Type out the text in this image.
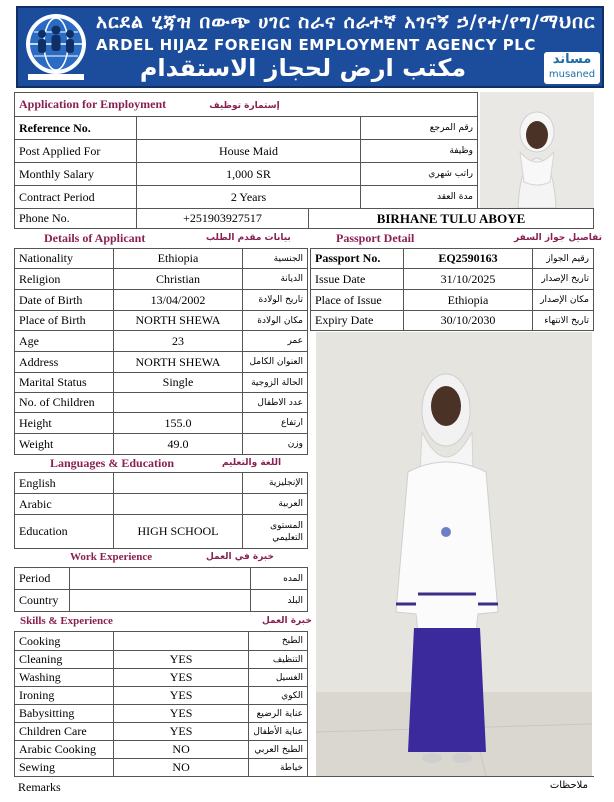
አርደል ሂጃዝ በውጭ ሀገር ስራና ሰራተኛ አገናኝ ኃ/የተ/የግ/ማህበር
ARDEL HIJAZ FOREIGN EMPLOYMENT AGENCY PLC
مكتب ارض لحجاز الاستقدام	مساند
musaned
Application for Employment إستمارة توظيف		
Reference No.		رقم المرجع
Post Applied For	House Maid	وظيفة
Monthly Salary	1,000 SR	راتب شهري
Contract Period	2 Years	مدة العقد
Phone No.	+251903927517	BIRHANE TULU ABOYE
Details of Applicant	بيانات مقدم الطلب
Nationality	Ethiopia	الجنسية
Religion	Christian	الديانة
Date of Birth	13/04/2002	تاريخ الولادة
Place of Birth	NORTH SHEWA	مكان الولادة
Age	23	عمر
Address	NORTH SHEWA	العنوان الكامل
Marital Status	Single	الحالة الزوجية
No. of Children		عدد الاطفال
Height	155.0	ارتفاع
Weight	49.0	وزن
Passport Detail	تفاصيل جواز السفر
Passport No.	EQ2590163	رقيم الجواز
Issue Date	31/10/2025	تاريخ الإصدار
Place of Issue	Ethiopia	مكان الإصدار
Expiry Date	30/10/2030	تاريخ الانتهاء
Languages & Education	اللغة والتعليم
English		الإنجليزية
Arabic		العربية
Education	HIGH SCHOOL	المستوى
التعليمي
Work Experience	خبرة في العمل
Period		المده
Country		البلد
Skills & Experience	خبرة العمل
Cooking		الطبخ
Cleaning	YES	التنظيف
Washing	YES	الغسيل
Ironing	YES	الكوي
Babysitting	YES	عناية الرضيع
Children Care	YES	عناية الأطفال
Arabic Cooking	NO	الطبخ العربي
Sewing	NO	خياطة
Remarks	ملاحظات
